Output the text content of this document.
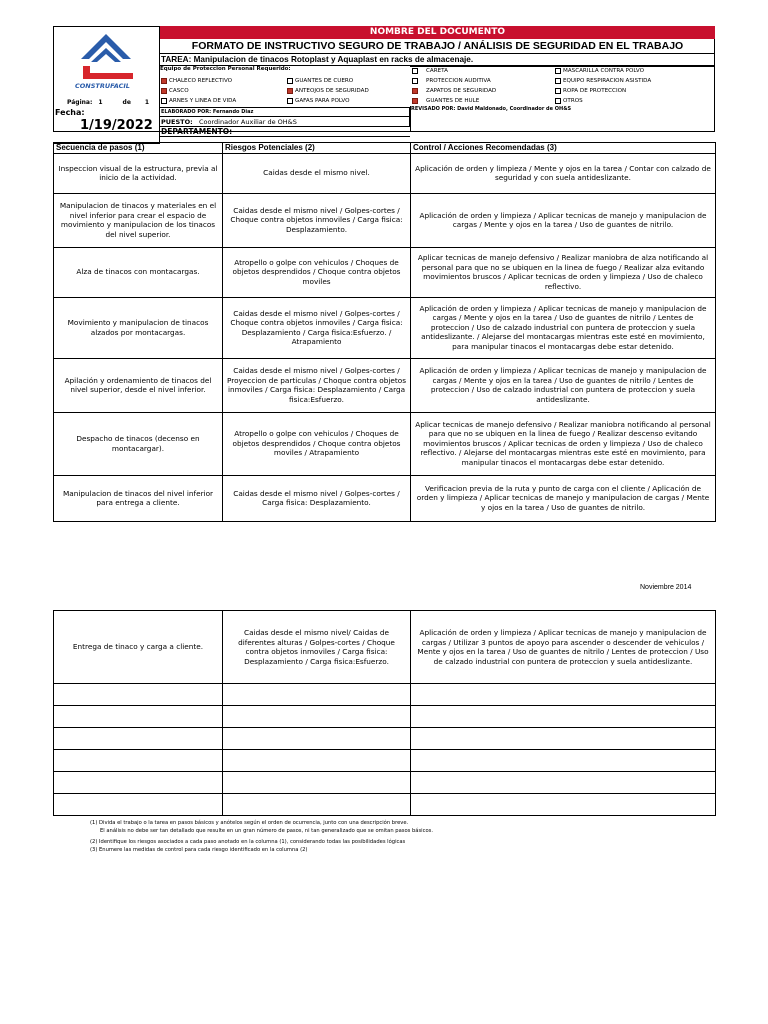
CONSTRUFACIL
Página: 1	de 1
Fecha:
1/19/2022
NOMBRE DEL DOCUMENTO
FORMATO DE INSTRUCTIVO SEGURO DE TRABAJO / ANÁLISIS DE SEGURIDAD EN EL TRABAJO
TAREA: Manipulacion de tinacos Rotoplast y Aquaplast en racks de almacenaje.
Equipo de Proteccion Personal Requerido:
CHALECO REFLECTIVO
CASCO
ARNES Y LINEA DE VIDA
GUANTES DE CUERO
ANTEOJOS DE SEGURIDAD
GAFAS PARA POLVO
CARETA
PROTECCION AUDITIVA
ZAPATOS DE SEGURIDAD
GUANTES DE HULE
MASCARILLA CONTRA POLVO
EQUIPO RESPIRACION ASISTIDA
ROPA DE PROTECCION
OTROS
ELABORADO POR: Fernando Diaz
PUESTO: Coordinador Auxiliar de OH&S
DEPARTAMENTO:
REVISADO POR: David Maldonado, Coordinador de OH&S
Secuencia de pasos (1)	Riesgos Potenciales (2)	Control / Acciones Recomendadas (3)
Inspeccion visual de la estructura, previa al inicio de la actividad.	Caidas desde el mismo nivel.	Aplicación de orden y limpieza / Mente y ojos en la tarea / Contar con calzado de seguridad y con suela antideslizante.
Manipulacion de tinacos y materiales en el nivel inferior para crear el espacio de movimiento y manipulacion de los tinacos del nivel superior.	Caidas desde el mismo nivel / Golpes-cortes / Choque contra objetos inmoviles / Carga fisica: Desplazamiento.	Aplicación de orden y limpieza / Aplicar tecnicas de manejo y manipulacion de cargas / Mente y ojos en la tarea / Uso de guantes de nitrilo.
Alza de tinacos con montacargas.	Atropello o golpe con vehiculos / Choques de objetos desprendidos / Choque contra objetos moviles	Aplicar tecnicas de manejo defensivo / Realizar maniobra de alza notificando al personal para que no se ubiquen en la linea de fuego / Realizar alza evitando movimientos bruscos / Aplicar tecnicas de orden y limpieza / Uso de chaleco reflectivo.
Movimiento y manipulacion de tinacos alzados por montacargas.	Caidas desde el mismo nivel / Golpes-cortes / Choque contra objetos inmoviles / Carga fisica: Desplazamiento / Carga fisica:Esfuerzo. / Atrapamiento	Aplicación de orden y limpieza / Aplicar tecnicas de manejo y manipulacion de cargas / Mente y ojos en la tarea / Uso de guantes de nitrilo / Lentes de proteccion / Uso de calzado industrial con puntera de proteccion y suela antideslizante. / Alejarse del montacargas mientras este esté en movimiento, para manipular tinacos el montacargas debe estar detenido.
Apilación y ordenamiento de tinacos del nivel superior, desde el nivel inferior.	Caidas desde el mismo nivel / Golpes-cortes / Proyeccion de particulas / Choque contra objetos inmoviles / Carga fisica: Desplazamiento / Carga fisica:Esfuerzo.	Aplicación de orden y limpieza / Aplicar tecnicas de manejo y manipulacion de cargas / Mente y ojos en la tarea / Uso de guantes de nitrilo / Lentes de proteccion / Uso de calzado industrial con puntera de proteccion y suela antideslizante.
Despacho de tinacos (decenso en montacargar).	Atropello o golpe con vehiculos / Choques de objetos desprendidos / Choque contra objetos moviles / Atrapamiento	Aplicar tecnicas de manejo defensivo / Realizar maniobra notificando al personal para que no se ubiquen en la linea de fuego / Realizar descenso evitando movimientos bruscos / Aplicar tecnicas de orden y limpieza / Uso de chaleco reflectivo. / Alejarse del montacargas mientras este esté en movimiento, para manipular tinacos el montacargas debe estar detenido.
Manipulacion de tinacos del nivel inferior para entrega a cliente.	Caidas desde el mismo nivel / Golpes-cortes / Carga fisica: Desplazamiento.	Verificacion previa de la ruta y punto de carga con el cliente / Aplicación de orden y limpieza / Aplicar tecnicas de manejo y manipulacion de cargas / Mente y ojos en la tarea / Uso de guantes de nitrilo.
Noviembre 2014
Entrega de tinaco y carga a cliente.	Caidas desde el mismo nivel/ Caidas de diferentes alturas / Golpes-cortes / Choque contra objetos inmoviles / Carga fisica: Desplazamiento / Carga fisica:Esfuerzo.	Aplicación de orden y limpieza / Aplicar tecnicas de manejo y manipulacion de cargas / Utilizar 3 puntos de apoyo para ascender o descender de vehiculos / Mente y ojos en la tarea / Uso de guantes de nitrilo / Lentes de proteccion / Uso de calzado industrial con puntera de proteccion y suela antideslizante.

(1) Divida el trabajo o la tarea en pasos básicos y anótelos según el orden de ocurrencia, junto con una descripción breve.

El análisis no debe ser tan detallado que resulte en un gran número de pasos, ni tan generalizado que se omitan pasos básicos.

(2) Identifique los riesgos asociados a cada paso anotado en la columna (1), considerando todas las posibilidades lógicas

(3) Enumere las medidas de control para cada riesgo identificado en la columna (2)
